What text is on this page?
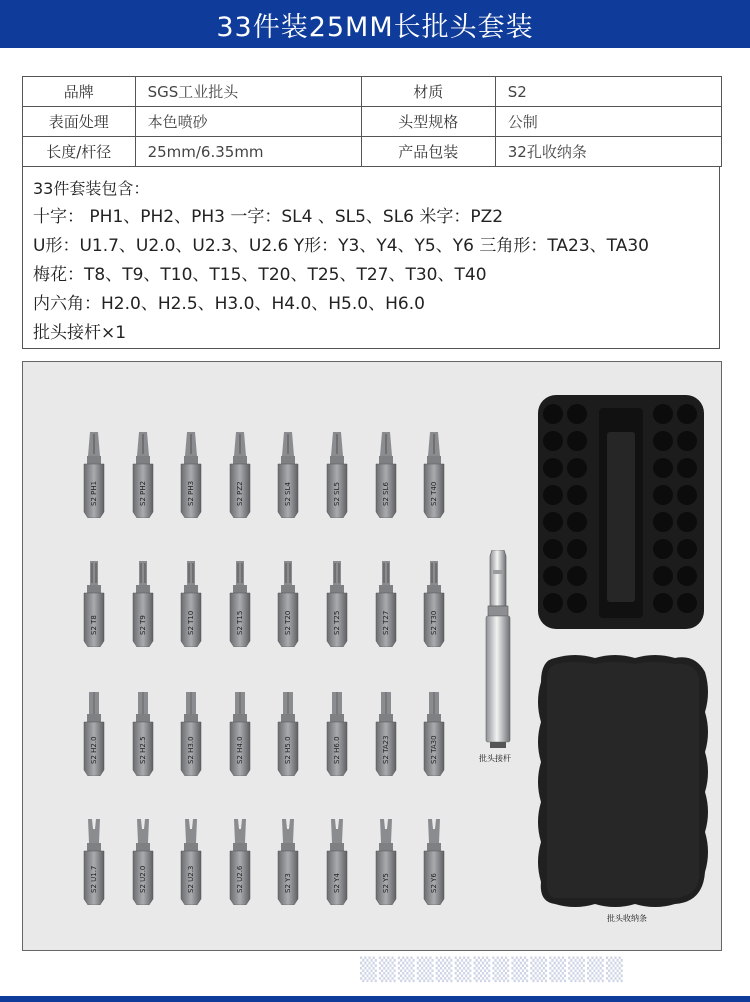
33件装25MM长批头套装
品牌	SGS工业批头	材质	S2
表面处理	本色喷砂	头型规格	公制
长度/杆径	25mm/6.35mm	产品包装	32孔收纳条

33件套装包含：

十字： PH1、PH2、PH3 一字：SL4 、SL5、SL6 米字：PZ2

U形：U1.7、U2.0、U2.3、U2.6 Y形：Y3、Y4、Y5、Y6 三角形：TA23、TA30

梅花：T8、T9、T10、T15、T20、T25、T27、T30、T40

内六角：H2.0、H2.5、H3.0、H4.0、H5.0、H6.0

批头接杆×1

S2 PH1	S2 PH2	S2 PH3	S2 PZ2	S2 SL4	S2 SL5	S2 SL6	S2 T40
S2 T8	S2 T9	S2 T10	S2 T15	S2 T20	S2 T25	S2 T27	S2 T30
S2 H2.0	S2 H2.5	S2 H3.0	S2 H4.0	S2 H5.0	S2 H6.0	S2 TA23	S2 TA30
S2 U1.7	S2 U2.0	S2 U2.3	S2 U2.6	S2 Y3	S2 Y4	S2 Y5	S2 Y6
批头接杆
批头收纳条
▒▒▒▒▒▒▒▒▒▒▒▒▒▒
